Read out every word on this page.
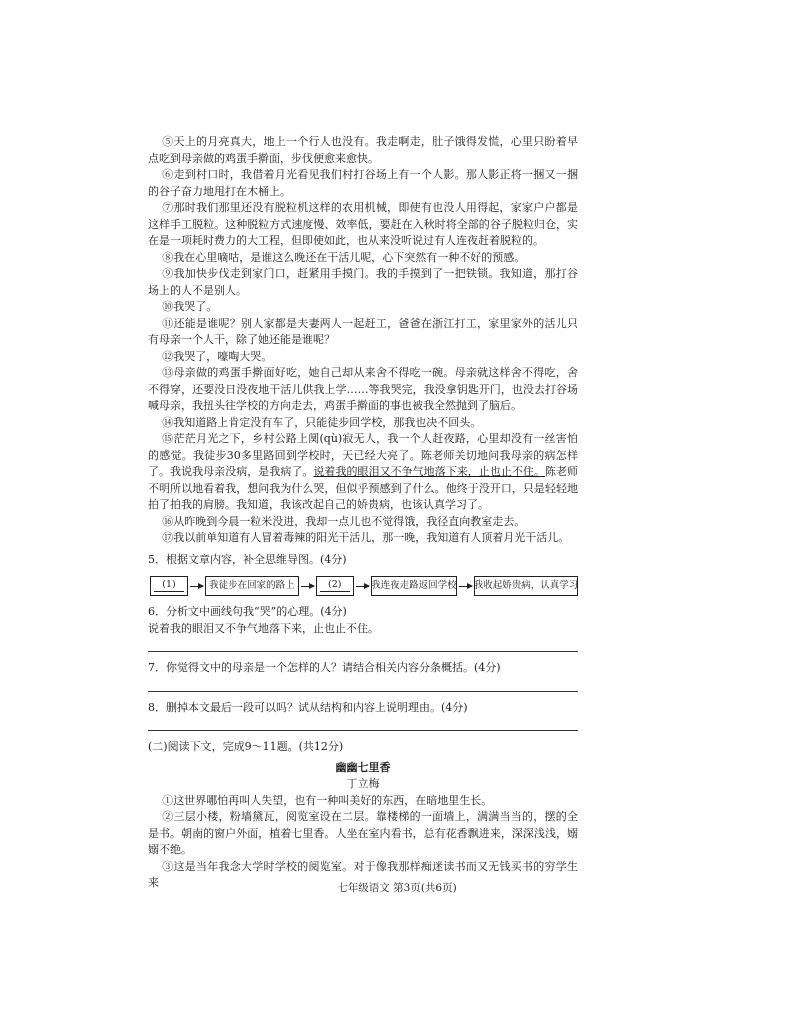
⑤天上的月亮真大，地上一个行人也没有。我走啊走，肚子饿得发慌，心里只盼着早点吃到母亲做的鸡蛋手擀面，步伐便愈来愈快。

⑥走到村口时，我借着月光看见我们村打谷场上有一个人影。那人影正将一捆又一捆的谷子奋力地甩打在木桶上。

⑦那时我们那里还没有脱粒机这样的农用机械，即使有也没人用得起，家家户户都是这样手工脱粒。这种脱粒方式速度慢、效率低，要赶在入秋时将全部的谷子脱粒归仓，实在是一项耗时费力的大工程，但即使如此，也从来没听说过有人连夜赶着脱粒的。

⑧我在心里嘀咕，是谁这么晚还在干活儿呢，心下突然有一种不好的预感。

⑨我加快步伐走到家门口，赶紧用手摸门。我的手摸到了一把铁锁。我知道，那打谷场上的人不是别人。

⑩我哭了。

⑪还能是谁呢？别人家都是夫妻两人一起赶工，爸爸在浙江打工，家里家外的活儿只有母亲一个人干，除了她还能是谁呢？

⑫我哭了，嚎啕大哭。

⑬母亲做的鸡蛋手擀面好吃，她自己却从来舍不得吃一碗。母亲就这样舍不得吃，舍不得穿，还要没日没夜地干活儿供我上学……等我哭完，我没拿钥匙开门，也没去打谷场喊母亲，我扭头往学校的方向走去，鸡蛋手擀面的事也被我全然抛到了脑后。

⑭我知道路上肯定没有车了，只能徒步回学校，那我也决不回头。

⑮茫茫月光之下，乡村公路上阒(qù)寂无人，我一个人赶夜路，心里却没有一丝害怕的感觉。我徒步30多里路回到学校时，天已经大亮了。陈老师关切地问我母亲的病怎样了。我说我母亲没病，是我病了。说着我的眼泪又不争气地落下来，止也止不住。陈老师不明所以地看着我，想问我为什么哭，但似乎预感到了什么。他终于没开口，只是轻轻地拍了拍我的肩膀。我知道，我该改起自己的娇贵病，也该认真学习了。

⑯从昨晚到今晨一粒米没进，我却一点儿也不觉得饿，我径直向教室走去。

⑰我以前单知道有人冒着毒辣的阳光干活儿，那一晚，我知道有人顶着月光干活儿。

5．根据文章内容，补全思维导图。(4分)
(1)	我徒步在回家的路上	(2)	我连夜走路返回学校 我收起娇贵病，认真学习
6．分析文中画线句我“哭”的心理。(4分)
说着我的眼泪又不争气地落下来，止也止不住。
7．你觉得文中的母亲是一个怎样的人？请结合相关内容分条概括。(4分)
8．删掉本文最后一段可以吗？试从结构和内容上说明理由。(4分)
(二)阅读下文，完成9～11题。(共12分)
幽幽七里香
丁立梅

①这世界哪怕再叫人失望，也有一种叫美好的东西，在暗地里生长。

②三层小楼，粉墙黛瓦，阅览室设在二层。靠楼梯的一面墙上，满满当当的，摆的全是书。朝南的窗户外面，植着七里香。人坐在室内看书，总有花香飘进来，深深浅浅，嫋嫋不绝。

③这是当年我念大学时学校的阅览室。对于像我那样痴迷读书而又无钱买书的穷学生来	七年级语文 第3页(共6页)
